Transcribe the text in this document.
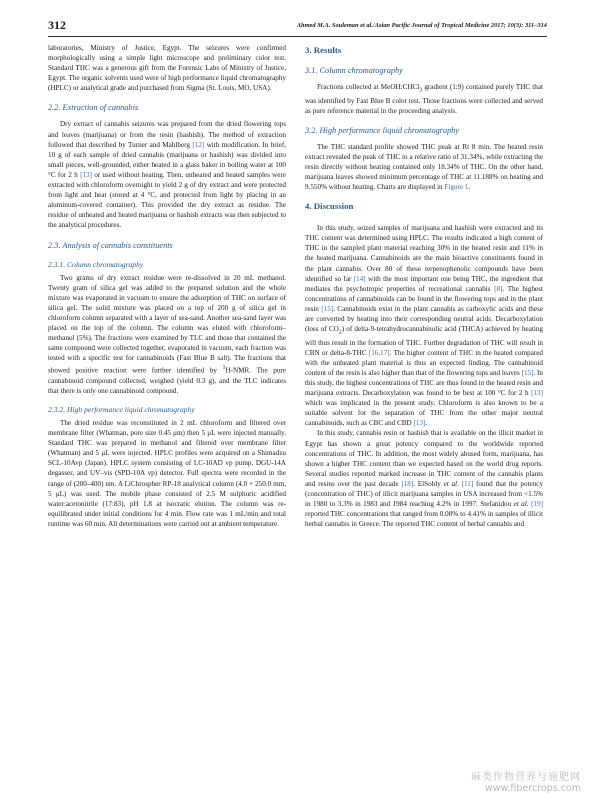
312	Ahmed M.A. Souleman et al./Asian Pacific Journal of Tropical Medicine 2017; 10(3): 311–314

laboratories, Ministry of Justice, Egypt. The seizures were confirmed morphologically using a simple light microscope and preliminary color test. Standard THC was a generous gift from the Forensic Labs of Ministry of Justice, Egypt. The organic solvents used were of high performance liquid chromatography (HPLC) or analytical grade and purchased from Sigma (St. Louis, MO, USA).

2.2. Extraction of cannabis

Dry extract of cannabis seizures was prepared from the dried flowering tops and leaves (marijuana) or from the resin (hashish). The method of extraction followed that described by Turner and Mahlberg [12] with modification. In brief, 10 g of each sample of dried cannabis (marijuana or hashish) was divided into small pieces, well-grounded, either heated in a glass baker in boiling water at 100 °C for 2 h [13] or used without heating. Then, unheated and heated samples were extracted with chloroform overnight to yield 2 g of dry extract and were protected from light and heat (stored at 4 °C, and protected from light by placing in an aluminum-covered container). This provided the dry extract as residue. The residue of unheated and heated marijuana or hashish extracts was then subjected to the analytical procedures.

2.3. Analysis of cannabis constituents
2.3.1. Column chromatography

Two grams of dry extract residue were re-dissolved in 20 mL methanol. Twenty gram of silica gel was added to the prepared solution and the whole mixture was evaporated in vacuum to ensure the adsorption of THC on surface of silica gel. The solid mixture was placed on a top of 200 g of silica gel in chloroform column separated with a layer of sea-sand. Another sea-sand layer was placed on the top of the column. The column was eluted with chloroform–methanol (5%). The fractions were examined by TLC and those that contained the same compound were collected together, evaporated in vacuum, each fraction was tested with a specific test for cannabinoids (Fast Blue B salt). The fractions that showed positive reaction were further identified by $^1$H-NMR. The pure cannabinoid compound collected, weighed (yield 0.3 g), and the TLC indicates that there is only one cannabinoid compound.

2.3.2. High performance liquid chromatography

The dried residue was reconstituted in 2 mL chloroform and filtered over membrane filter (Whatman, pore size 0.45 μm) then 5 μL were injected manually. Standard THC was prepared in methanol and filtered over membrane filter (Whatman) and 5 μL were injected. HPLC profiles were acquired on a Shimadzu SCL-10Avp (Japan). HPLC system consisting of LC-10AD vp pump, DGU-14A degasser, and UV–vis (SPD-10A vp) detector. Full spectra were recorded in the range of (200–400) nm. A LiChrospher RP-18 analytical column (4.0 × 250.0 mm, 5 μL) was used. The mobile phase consisted of 2.5 M sulphuric acidified water:acetonitrile (17:83), pH 1.8 at isocratic elution. The column was re-equilibrated under initial conditions for 4 min. Flow rate was 1 mL/min and total runtime was 60 min. All determinations were carried out at ambient temperature.

3. Results
3.1. Column chromatography

Fractions collected at MeOH:CHCl$_3$ gradient (1:9) contained purely THC that was identified by Fast Blue B color test. Those fractions were collected and served as pure reference material in the proceeding analysis.

3.2. High performance liquid chromatography

The THC standard profile showed THC peak at Rt 8 min. The heated resin extract revealed the peak of THC in a relative ratio of 31.34%, while extracting the resin directly without heating contained only 18.34% of THC. On the other hand, marijuana leaves showed minimum percentage of THC at 11.188% on heating and 9.550% without heating. Charts are displayed in Figure 1.

4. Discussion

In this study, seized samples of marijuana and hashish were extracted and its THC content was determined using HPLC. The results indicated a high content of THC in the sampled plant material reaching 30% in the heated resin and 11% in the heated marijuana. Cannabinoids are the main bioactive constituents found in the plant cannabis. Over 80 of these terpenophenolic compounds have been identified so far [14] with the most important one being THC, the ingredient that mediates the psychotropic properties of recreational cannabis [8]. The highest concentrations of cannabinoids can be found in the flowering tops and in the plant resin [15]. Cannabinoids exist in the plant cannabis as carboxylic acids and these are converted by heating into their corresponding neutral acids. Decarboxylation (loss of $CO_2$) of delta-9-tetrahydrocannabinolic acid (THCA) achieved by heating will thus result in the formation of THC. Further degradation of THC will result in CBN or delta-8-THC [16,17]. The higher content of THC in the heated compared with the unheated plant material is thus an expected finding. The cannabinoid content of the resin is also higher than that of the flowering tops and leaves [15]. In this study, the highest concentrations of THC are thus found in the heated resin and marijuana extracts. Decarboxylation was found to be best at 100 °C for 2 h [13] which was implicated in the present study. Chloroform is also known to be a suitable solvent for the separation of THC from the other major neutral cannabinoids, such as CBC and CBD [13].

In this study, cannabis resin or hashish that is available on the illicit market in Egypt has shown a great potency compared to the worldwide reported concentrations of THC. In addition, the most widely abused form, marijuana, has shown a higher THC content than we expected based on the world drug reports. Several studies reported marked increase in THC content of the cannabis plants and resins over the past decade [18]. ElSohly et al. [11] found that the potency (concentration of THC) of illicit marijuana samples in USA increased from <1.5% in 1980 to 3.3% in 1983 and 1984 reaching 4.2% in 1997. Stefanidou et al. [19] reported THC concentrations that ranged from 0.08% to 4.41% in samples of illicit herbal cannabis in Greece. The reported THC content of herbal cannabis and

麻类作物营养与施肥网
www.fibercrops.com
